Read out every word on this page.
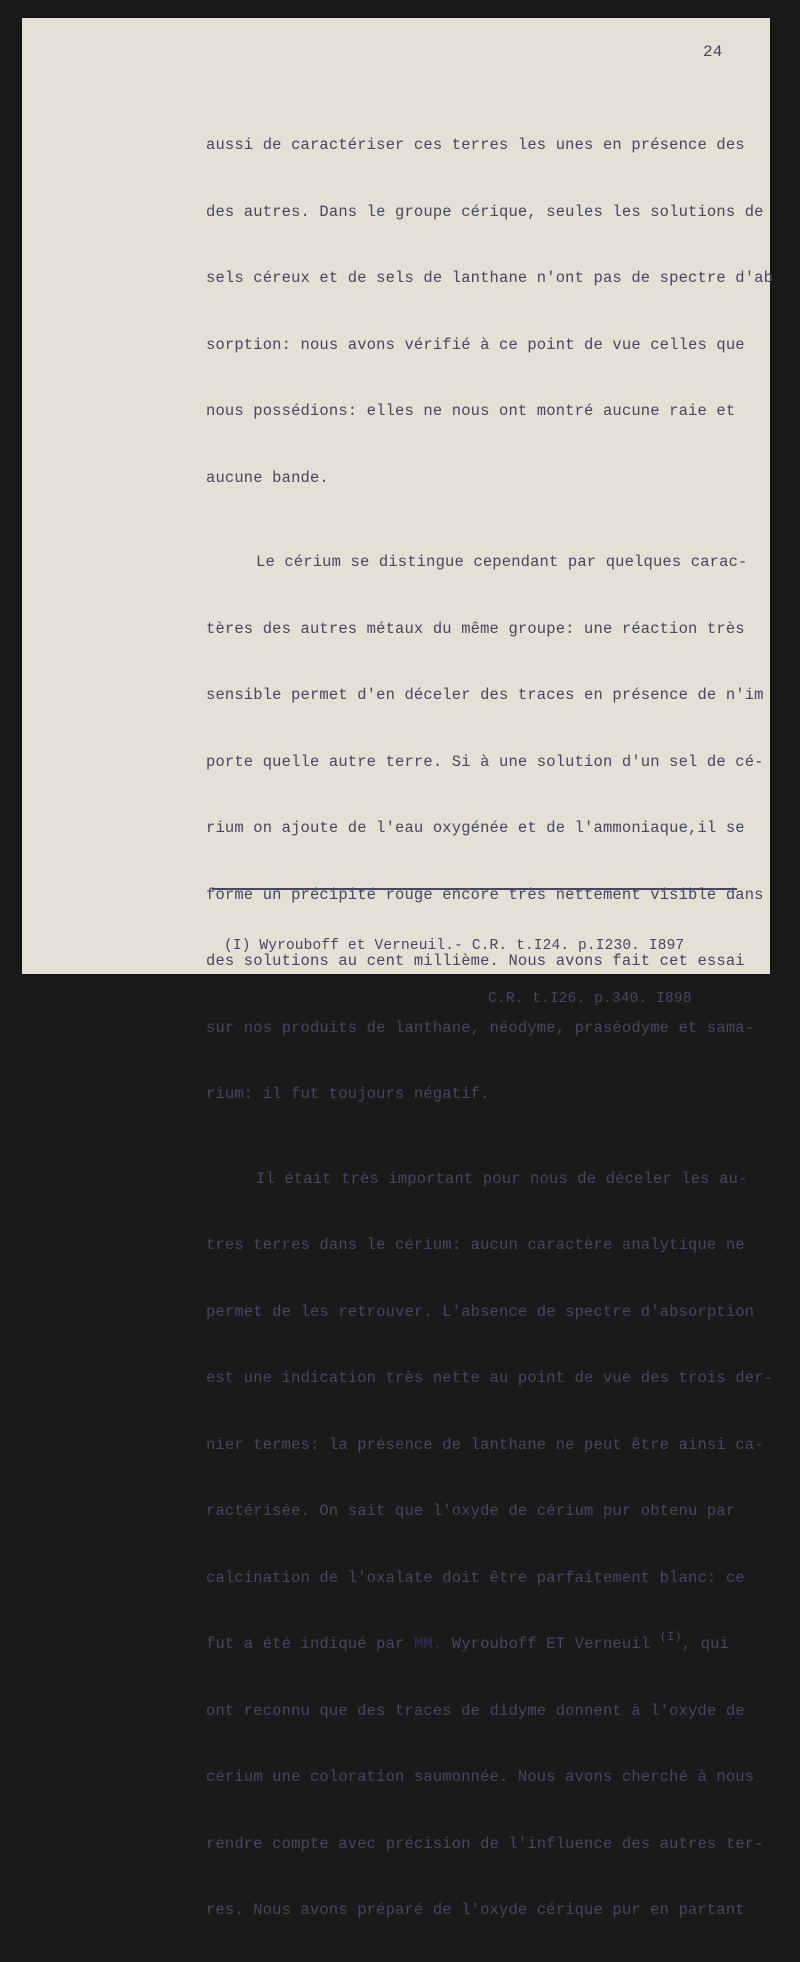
24

aussi de caractériser ces terres les unes en présence des

des autres. Dans le groupe cérique, seules les solutions de

sels céreux et de sels de lanthane n'ont pas de spectre d'ab

sorption: nous avons vérifié à ce point de vue celles que

nous possédions: elles ne nous ont montré aucune raie et

aucune bande.

Le cérium se distingue cependant par quelques carac-

tères des autres métaux du même groupe: une réaction très

sensible permet d'en déceler des traces en présence de n'im

porte quelle autre terre. Si à une solution d'un sel de cé-

rium on ajoute de l'eau oxygénée et de l'ammoniaque,il se

forme un précipité rouge encore très nettement visible dans

des solutions au cent millième. Nous avons fait cet essai

sur nos produits de lanthane, néodyme, praséodyme et sama-

rium: il fut toujours négatif.

Il était très important pour nous de déceler les au-

tres terres dans le cérium: aucun caractère analytique ne

permet de les retrouver. L'absence de spectre d'absorption

est une indication très nette au point de vue des trois der-

nier termes: la présence de lanthane ne peut être ainsi ca-

ractérisée. On sait que l'oxyde de cérium pur obtenu par

calcination de l'oxalate doit être parfaitement blanc: ce

fut a été indiqué par MM. Wyrouboff ET Verneuil $^{(I)}$, qui

ont reconnu que des traces de didyme donnent à l'oxyde de

cérium une coloration saumonnée. Nous avons cherché à nous

rendre compte avec précision de l'influence des autres ter-

res. Nous avons préparé de l'oxyde cérique pur en partant

(I) Wyrouboff et Verneuil.- C.R. t.I24. p.I230. I897

C.R. t.I26. p.340. I898
